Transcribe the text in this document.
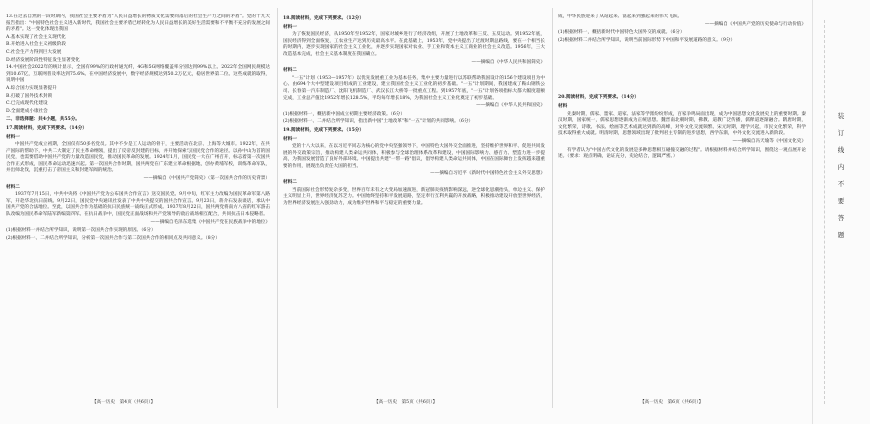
13.在过去自然的一段时期内，我国社会主要矛盾为"人民日益增长的物质文化需要同落后的社会生产力之间的矛盾"。党的十九大报告指出："中国特色社会主义进入新时代，我国社会主要矛盾已经转化为人民日益增长的美好生活需要和不平衡不充分的发展之间的矛盾"。这一变化体现出我国
A.基本实现了社会主义现代化
B.开始进入社会主义初级阶段
C.社会生产力得到巨大发展
D.经济发展阶段性特征发生显著变化
14.中国社会2022年的统计显示，全国有99%的行政村通光纤，4G和5G网络覆盖率分别达到99%以上。2022年全国网民规模达到10.67亿，互联网普及率达到75.6%。在中国经济发展中，数字经济规模达到50.2万亿元，稳居世界第二位。这些成就的取得，说明中国
A.综合国力实现显著提升
B.打破了国外技术封锁
C.已完成现代化建设
D.全面建成小康社会
二、非选择题：共4小题，共55分。
17.阅读材料，完成下列要求。（14分）
材料一
中国共产党成立初期，全国仅有50多名党员。其中不少是工人运动的骨干，主要活动在北京、上海等大城市。1922年，在共产国际的帮助下，中共二大制定了民主革命纲领，提出了反帝反封建的目标，并开始探索与国民党合作的途径。以孙中山为首的国民党，也需要借助中国共产党的力量改造国民党，推动国民革命的发展。1924年1月，国民党一大在广州召开，标志着第一次国共合作正式形成，国民革命运动迅速兴起。第一次国共合作时期，国共两党在广东建立革命根据地，创办黄埔军校，训练革命军队，并出师北伐，沉重打击了帝国主义和封建军阀的统治。
——摘编自《中国共产党简史》（第一次国共合作的历史背景）
材料二
1937年7月15日，中共中央将《中国共产党为公布国共合作宣言》送交国民党。9月中旬，红军主力改编为国民革命军第八路军，开赴华北抗日前线。9月22日，国民党中央通讯社发表了中共中央提交的国共合作宣言。9月23日，蒋介石发表谈话，承认中国共产党的合法地位。至此，以国共合作为基础的抗日民族统一战线正式形成。1937年8月22日，国共两党将南方八省的红军游击队改编为国民革命军陆军新编第四军。在抗日战争中，国民党正面战场和共产党领导的敌后战场相互配合，共同抗击日本侵略者。
——摘编自毛泽东选集《中国共产党在民族战争中的地位》
(1)根据材料一并结合所学知识，说明第一次国共合作实现的原因。（6分）
(2)根据材料一、二并结合所学知识，分析第一次国共合作与第二次国共合作的相同点及共同意义。（8分）
18.阅读材料，完成下列要求。（12分）
材料一
为了恢复国民经济，从1950年至1952年，国家对城乡进行了经济改组，开展了土地改革和三反、五反运动。到1952年底，国民经济得到全面恢复，工农业生产达到历史最高水平。在此基础上，1953年，党中央提出了过渡时期总路线，要在一个相当长的时期内，逐步实现国家的社会主义工业化，并逐步实现国家对农业、手工业和资本主义工商业的社会主义改造。1956年，三大改造基本完成，社会主义基本制度在我国确立。
——摘编自《中华人民共和国简史》
材料二
"一五"计划（1953—1957年）以优先发展重工业为基本任务，集中主要力量进行以苏联帮助我国设计的156个建设项目为中心、由694个大中型建设项目组成的工业建设，建立我国社会主义工业化的初步基础。"一五"计划期间，我国建成了鞍山钢铁公司、长春第一汽车制造厂、沈阳飞机制造厂、武汉长江大桥等一批重点工程。到1957年底，"一五"计划各项指标大都大幅度超额完成，工业总产值比1952年增长128.5%，平均每年增长18%，为我国社会主义工业化奠定了初步基础。
——摘编自《中华人民共和国史》
(1)根据材料一，概括新中国成立初期主要经济政策。（6分）
(2)根据材料一、二并结合所学知识，指出新中国"土地改革"和"一五"计划的共同影响。（6分）
19.阅读材料，完成下列要求。（15分）
材料一
党的十八大以来，在以习近平同志为核心的党中央坚强领导下，中国特色大国外交全面推进，坚持维护世界和平、促进共同发展的外交政策宗旨，推动构建人类命运共同体，积极参与全球治理体系改革和建设，中国国际影响力、感召力、塑造力进一步提高，为我国发展营造了良好外部环境。中国提出共建"一带一路"倡议，倡导构建人类命运共同体，中国在国际舞台上发挥越来越重要的作用，展现出负责任大国的担当。
——摘编自习近平《新时代中国特色社会主义外交思想》
材料二
当前国际社会形势复杂多变，世界百年未有之大变局加速演进，新冠肺炎疫情影响深远，逆全球化思潮抬头，单边主义、保护主义明显上升，世界经济复苏乏力。中国始终坚持和平发展道路，坚定奉行互利共赢的开放战略，积极推动建设开放型世界经济，为世界经济发展注入强劲动力，成为维护世界和平与稳定的重要力量。
成，中华民族迎来了从站起来、富起来到强起来的伟大飞跃。
——摘编自《中国共产党的历史使命与行动价值》
(1)根据材料一，概括新时代中国特色大国外交的成就。（6分）
(2)根据材料二并结合所学知识，说明当前国际形势下中国和平发展道路的意义。（9分）
20.阅读材料，完成下列要求。（14分）
材料
先秦时期，儒家、墨家、道家、法家等学派纷纷形成，百家争鸣局面出现，成为中国思想文化发展史上的重要时期。秦汉时期，国家统一，儒家思想逐渐成为正统思想。魏晋南北朝时期，佛教、道教广泛传播，儒释道逐渐融合。隋唐时期，文化繁荣，诗歌、书法、绘画等艺术成就达到新的高峰，对外文化交流频繁。宋元时期，理学兴起，市民文化繁荣，科学技术取得重大成就。明清时期，思想领域出现了批判君主专制的进步思想，西学东渐，中外文化交流进入新阶段。
——摘编自冯天瑜等《中国文化史》
有学者认为"中国古代文化的发展是多种思想相互碰撞交融的过程"。请根据材料并结合所学知识，围绕这一观点展开论述。（要求：观点明确，论证充分，史论结合，逻辑严密。）
【高一历史　第4页（共6页）】	【高一历史　第5页（共6页）】	【高一历史　第6页（共6页）】
装
订
线
内
不
要
答
题
